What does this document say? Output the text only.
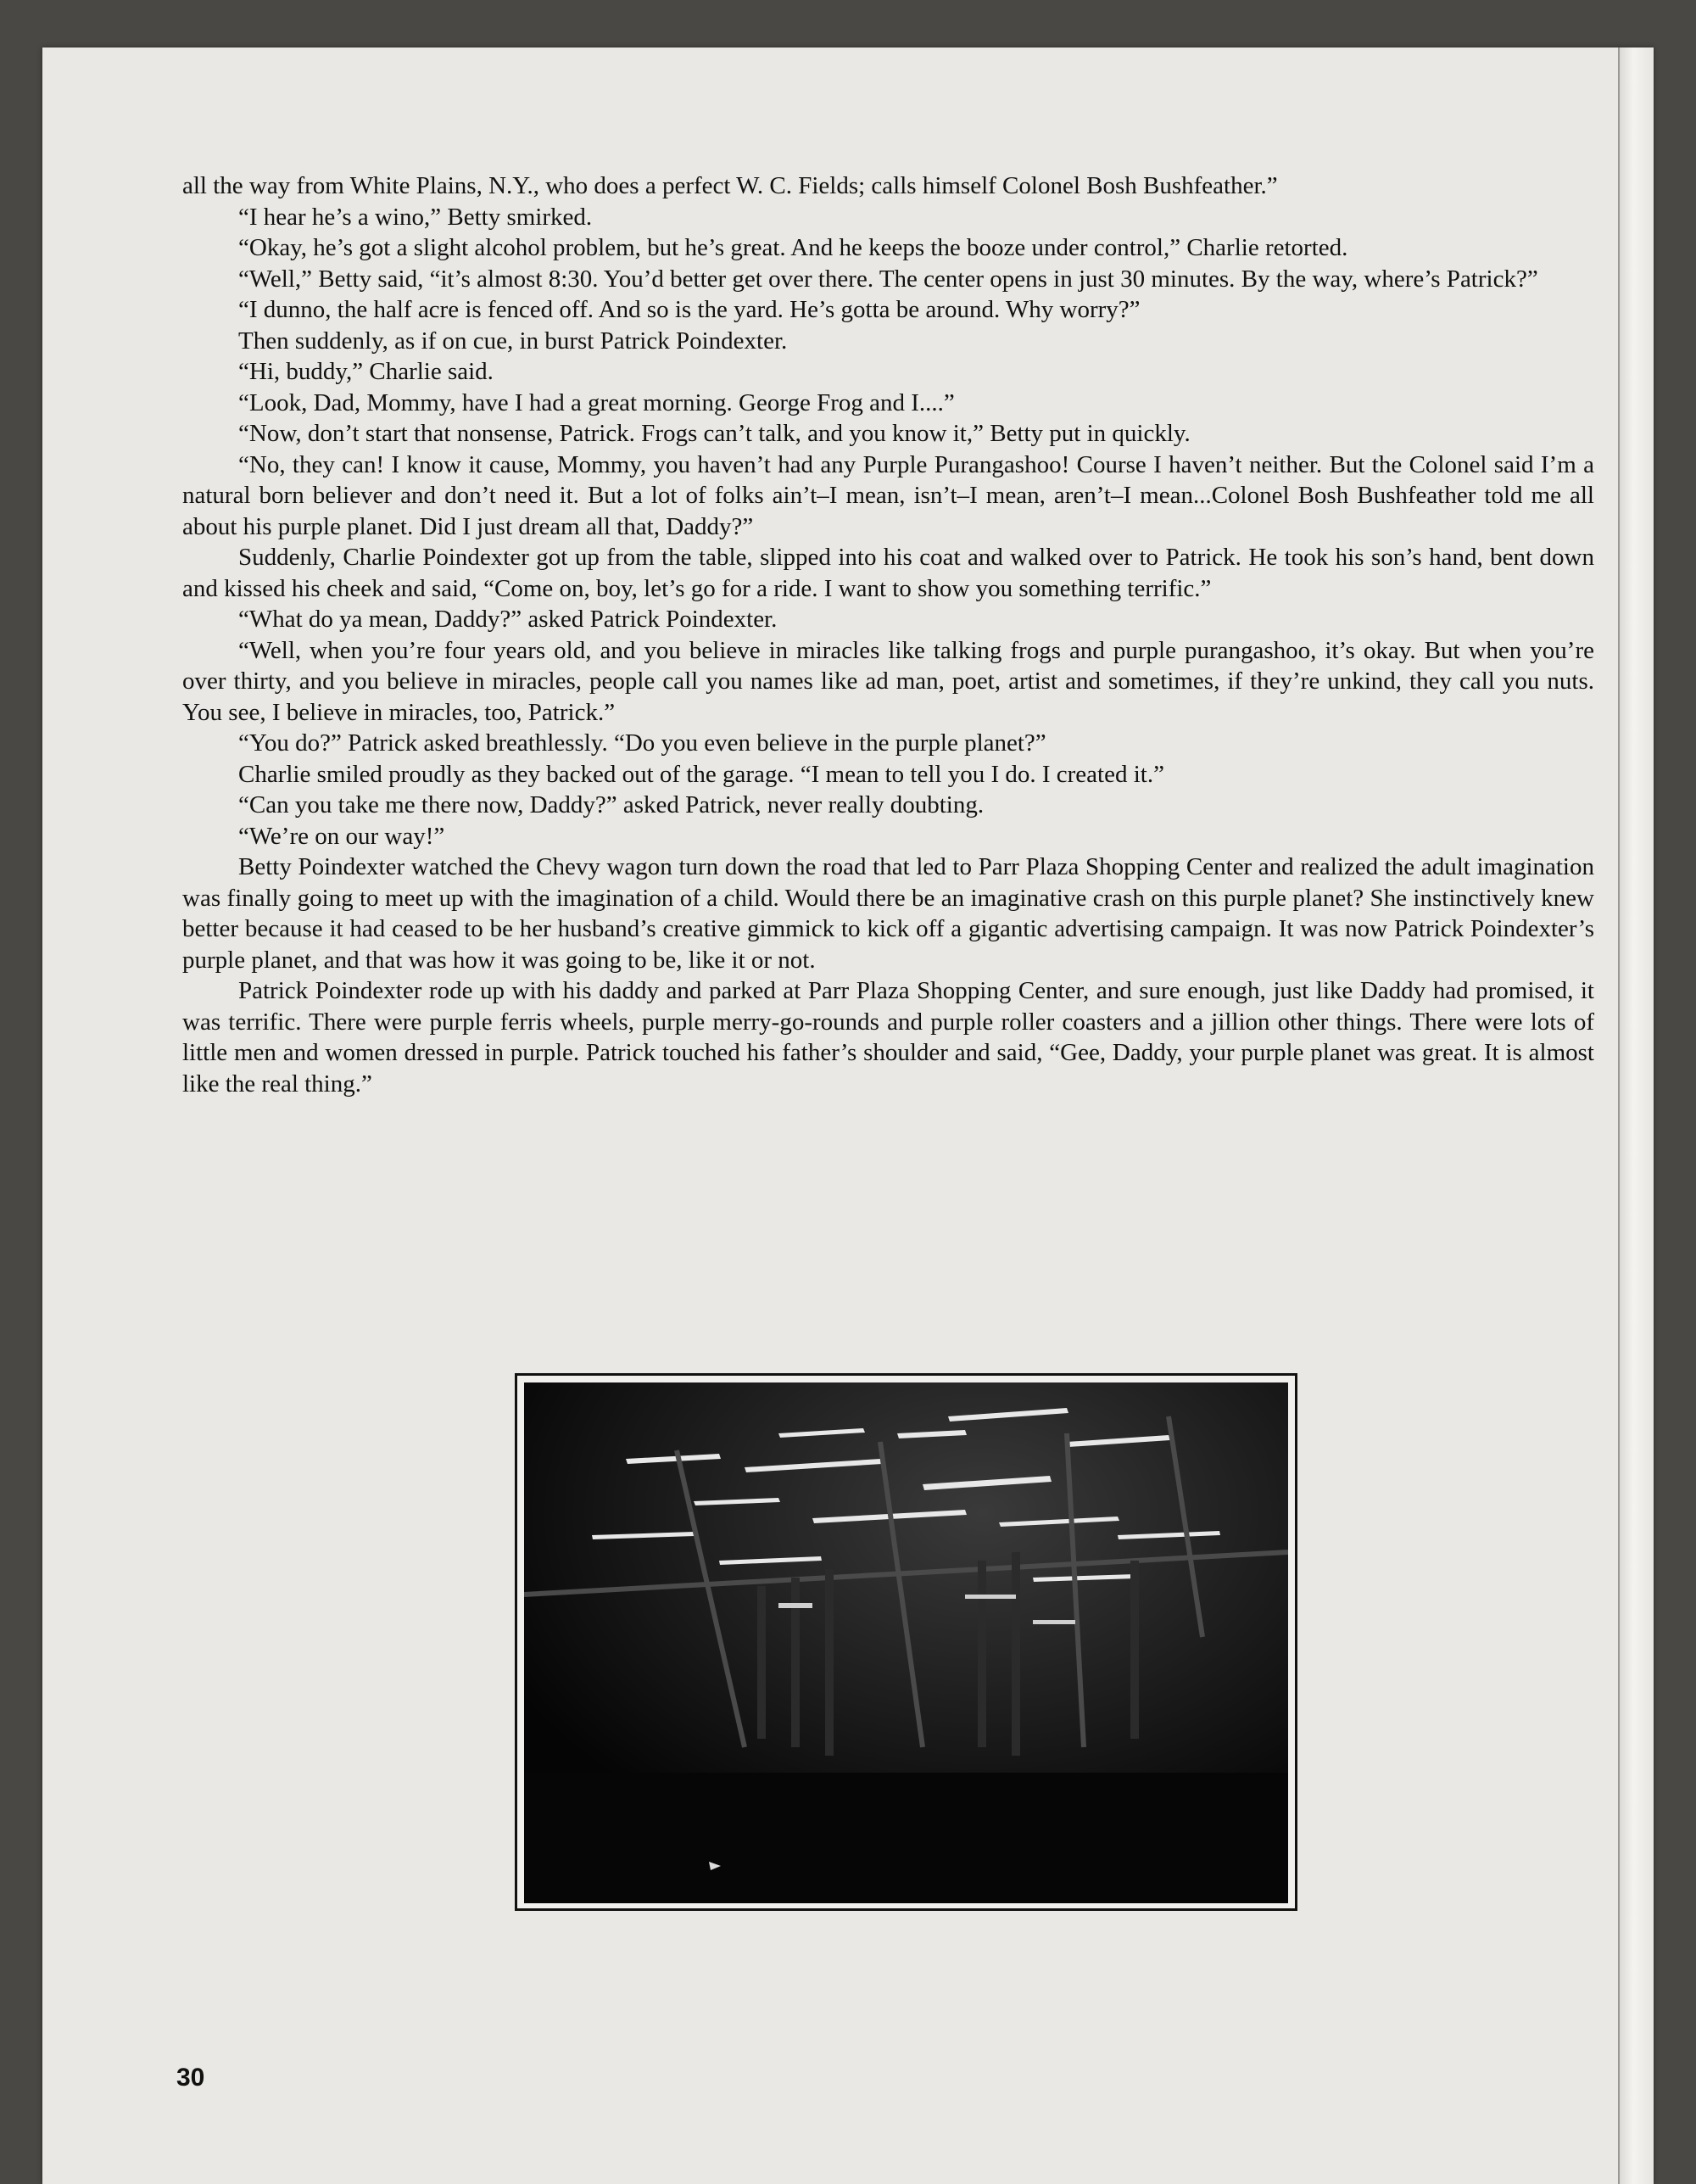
all the way from White Plains, N.Y., who does a perfect W. C. Fields; calls himself Colonel Bosh Bushfeather.”

“I hear he’s a wino,” Betty smirked.

“Okay, he’s got a slight alcohol problem, but he’s great. And he keeps the booze under control,” Charlie retorted.

“Well,” Betty said, “it’s almost 8:30. You’d better get over there. The center opens in just 30 minutes. By the way, where’s Patrick?”

“I dunno, the half acre is fenced off. And so is the yard. He’s gotta be around. Why worry?”

Then suddenly, as if on cue, in burst Patrick Poindexter.

“Hi, buddy,” Charlie said.

“Look, Dad, Mommy, have I had a great morning. George Frog and I....”

“Now, don’t start that nonsense, Patrick. Frogs can’t talk, and you know it,” Betty put in quickly.

“No, they can! I know it cause, Mommy, you haven’t had any Purple Purangashoo! Course I haven’t neither. But the Colonel said I’m a natural born believer and don’t need it. But a lot of folks ain’t–I mean, isn’t–I mean, aren’t–I mean...Colonel Bosh Bushfeather told me all about his purple planet. Did I just dream all that, Daddy?”

Suddenly, Charlie Poindexter got up from the table, slipped into his coat and walked over to Patrick. He took his son’s hand, bent down and kissed his cheek and said, “Come on, boy, let’s go for a ride. I want to show you something terrific.”

“What do ya mean, Daddy?” asked Patrick Poindexter.

“Well, when you’re four years old, and you believe in miracles like talking frogs and purple purangashoo, it’s okay. But when you’re over thirty, and you believe in miracles, people call you names like ad man, poet, artist and sometimes, if they’re unkind, they call you nuts. You see, I believe in miracles, too, Patrick.”

“You do?” Patrick asked breathlessly. “Do you even believe in the purple planet?”

Charlie smiled proudly as they backed out of the garage. “I mean to tell you I do. I created it.”

“Can you take me there now, Daddy?” asked Patrick, never really doubting.

“We’re on our way!”

Betty Poindexter watched the Chevy wagon turn down the road that led to Parr Plaza Shopping Center and realized the adult imagination was finally going to meet up with the imagination of a child. Would there be an imaginative crash on this purple planet? She instinctively knew better because it had ceased to be her husband’s creative gimmick to kick off a gigantic advertising campaign. It was now Patrick Poindexter’s purple planet, and that was how it was going to be, like it or not.

Patrick Poindexter rode up with his daddy and parked at Parr Plaza Shopping Center, and sure enough, just like Daddy had promised, it was terrific. There were purple ferris wheels, purple merry-go-rounds and purple roller coasters and a jillion other things. There were lots of little men and women dressed in purple. Patrick touched his father’s shoulder and said, “Gee, Daddy, your purple planet was great. It is almost like the real thing.”

30
